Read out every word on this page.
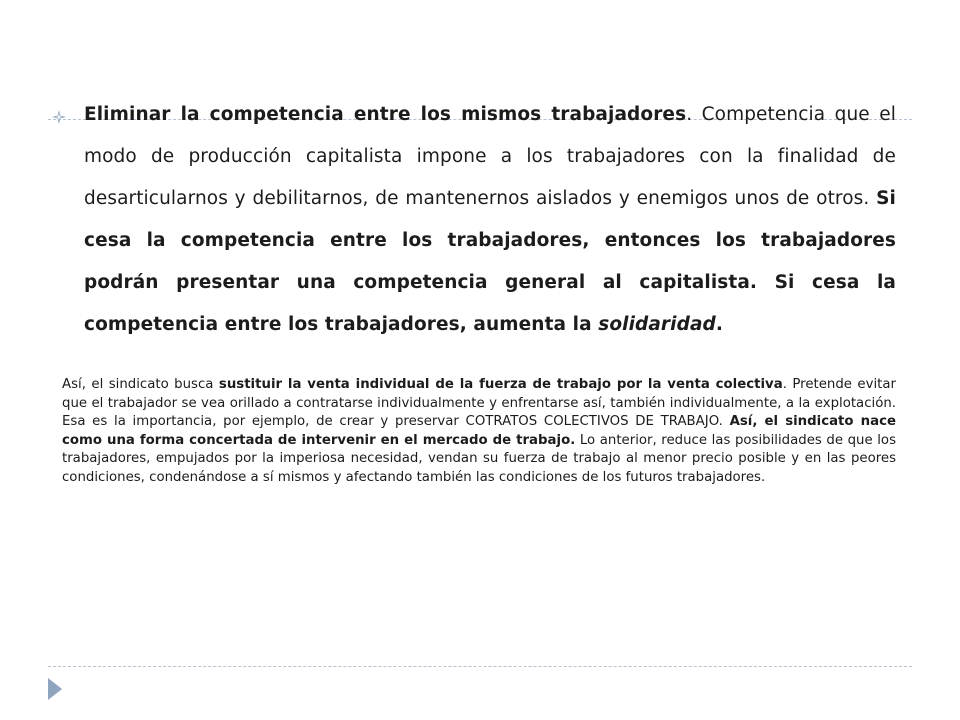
Eliminar la competencia entre los mismos trabajadores. Competencia que el modo de producción capitalista impone a los trabajadores con la finalidad de desarticularnos y debilitarnos, de mantenernos aislados y enemigos unos de otros. Si cesa la competencia entre los trabajadores, entonces los trabajadores podrán presentar una competencia general al capitalista. Si cesa la competencia entre los trabajadores, aumenta la solidaridad.

Así, el sindicato busca sustituir la venta individual de la fuerza de trabajo por la venta colectiva. Pretende evitar que el trabajador se vea orillado a contratarse individualmente y enfrentarse así, también individualmente, a la explotación. Esa es la importancia, por ejemplo, de crear y preservar COTRATOS COLECTIVOS DE TRABAJO. Así, el sindicato nace como una forma concertada de intervenir en el mercado de trabajo. Lo anterior, reduce las posibilidades de que los trabajadores, empujados por la imperiosa necesidad, vendan su fuerza de trabajo al menor precio posible y en las peores condiciones, condenándose a sí mismos y afectando también las condiciones de los futuros trabajadores.
